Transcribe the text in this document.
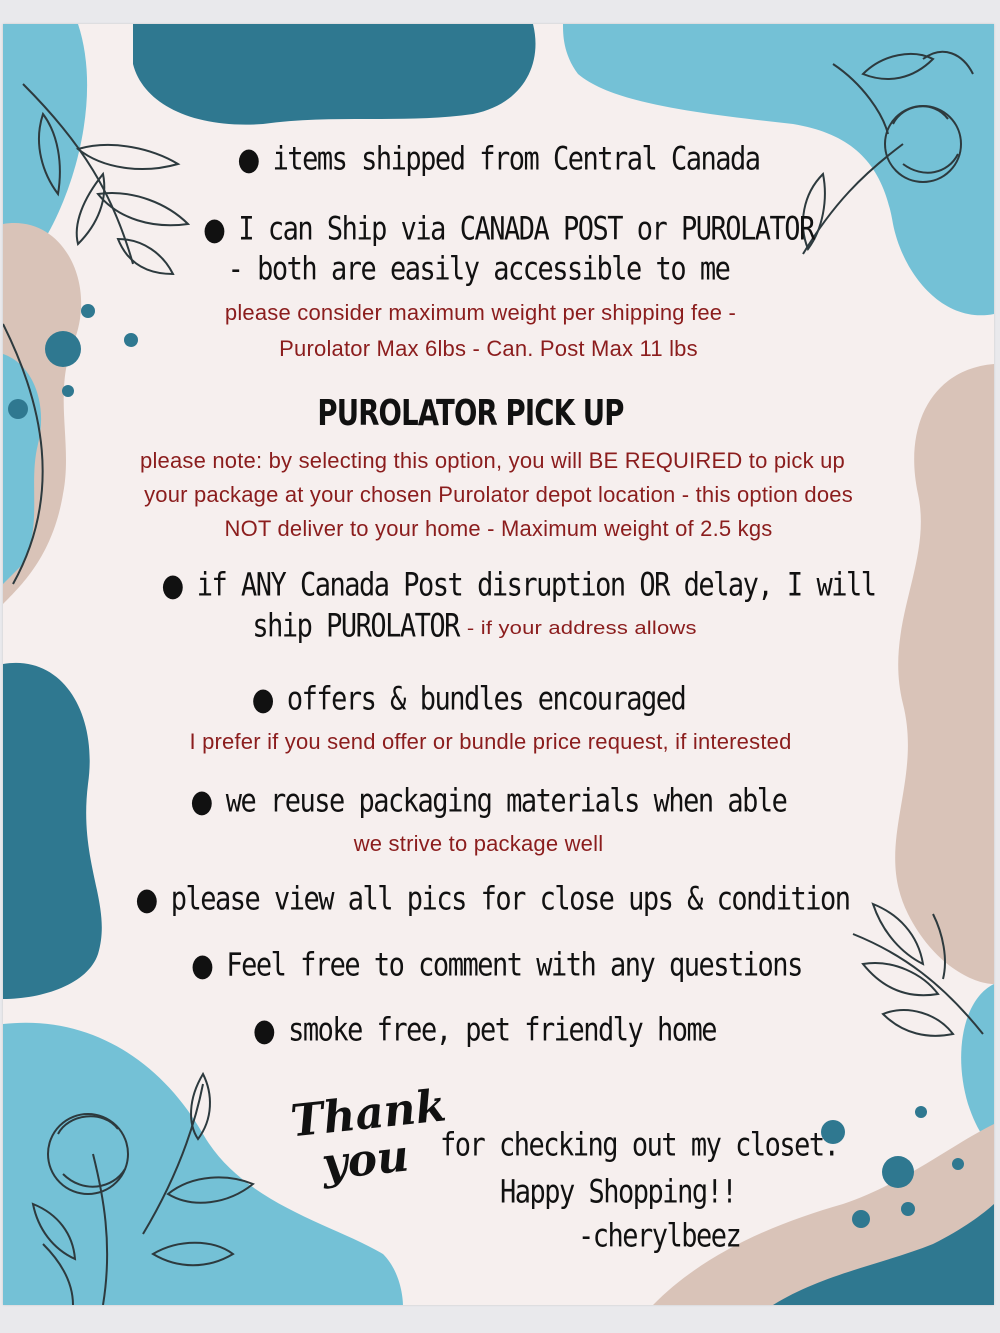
● items shipped from Central Canada
● I can Ship via CANADA POST or PUROLATOR
- both are easily accessible to me
please consider maximum weight per shipping fee -
Purolator Max 6lbs - Can. Post Max 11 lbs
PUROLATOR PICK UP
please note: by selecting this option, you will BE REQUIRED to pick up
your package at your chosen Purolator depot location - this option does
NOT deliver to your home - Maximum weight of 2.5 kgs
● if ANY Canada Post disruption OR delay, I will
ship PUROLATOR - if your address allows
● offers & bundles encouraged
I prefer if you send offer or bundle price request, if interested
● we reuse packaging materials when able
we strive to package well
● please view all pics for close ups & condition
● Feel free to comment with any questions
● smoke free, pet friendly home
Thank
you	for checking out my closet.
Happy Shopping!!
-cherylbeez
